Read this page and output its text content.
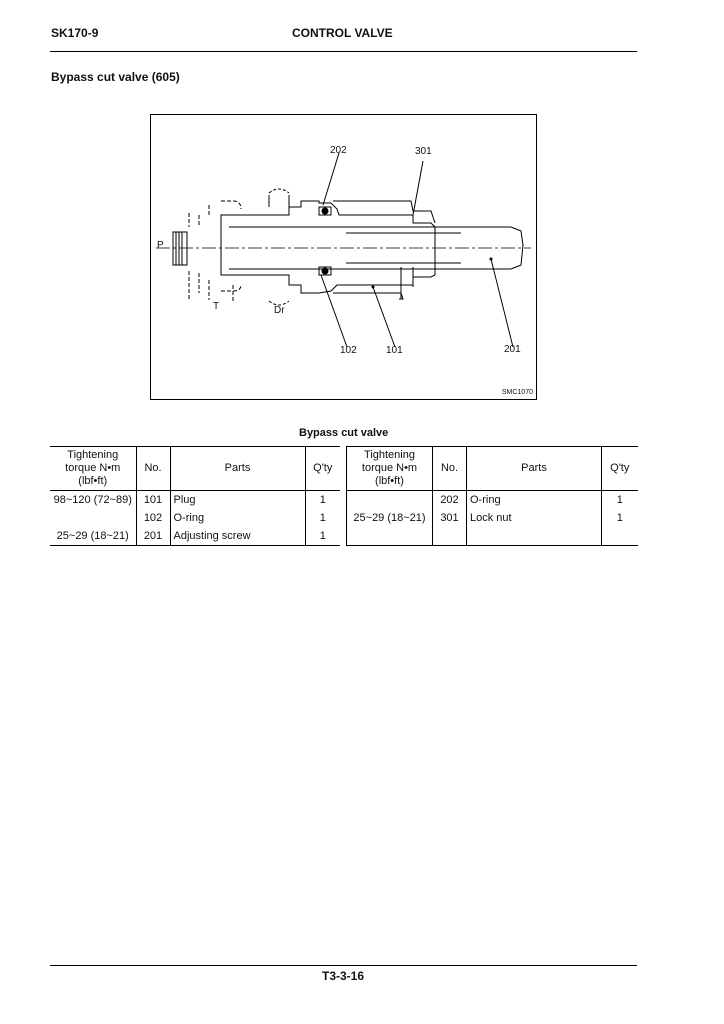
SK170-9	CONTROL VALVE
Bypass cut valve (605)
202	301
P
T	Dr
102	101	201
SMC1070
Bypass cut valve
Tightening torque N•m (lbf•ft)	No.	Parts	Q'ty
98~120 (72~89)	101	Plug	1
	102	O-ring	1
25~29 (18~21)	201	Adjusting screw	1
Tightening torque N•m (lbf•ft)	No.	Parts	Q'ty
	202	O-ring	1
25~29 (18~21)	301	Lock nut	1

T3-3-16
